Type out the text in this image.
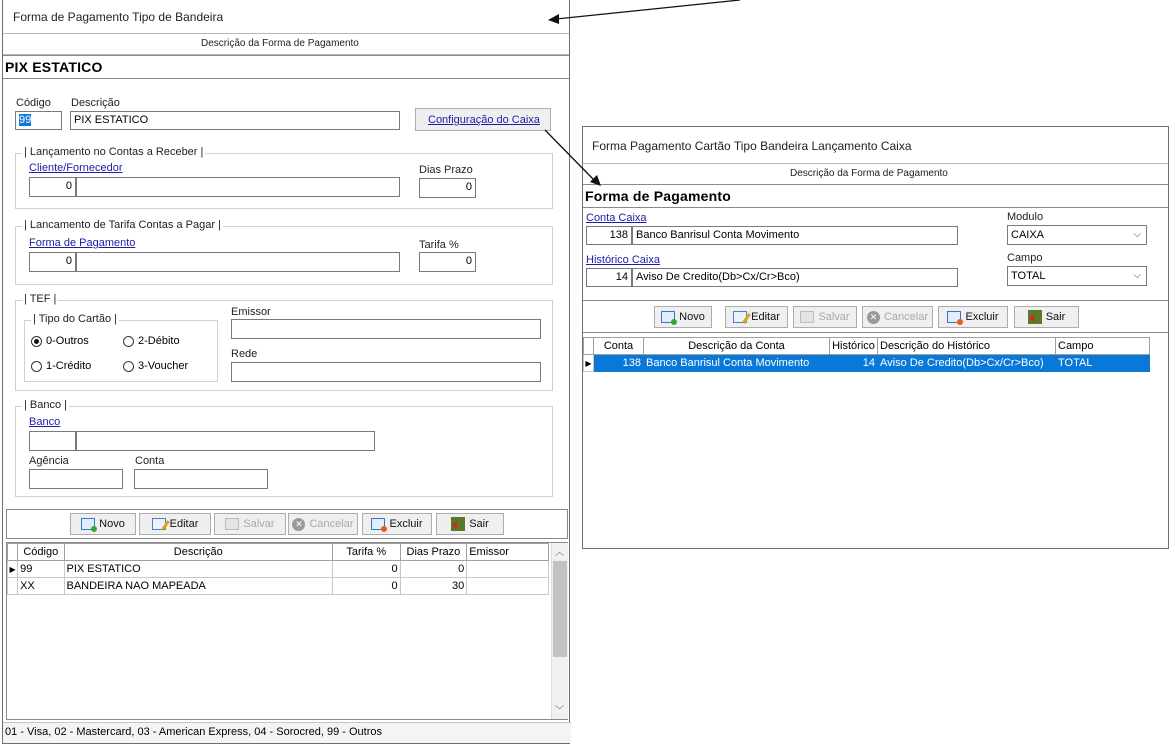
Forma de Pagamento Tipo de Bandeira
Descrição da Forma de Pagamento
PIX ESTATICO
Código
99
Descrição
PIX ESTATICO	Configuração do Caixa
| Lançamento no Contas a Receber |
Cliente/Fornecedor
0
Dias Prazo
0
| Lancamento de Tarifa Contas a Pagar |
Forma de Pagamento
0
Tarifa %
0
| TEF |
| Tipo do Cartão |
0-Outros	2-Débito
1-Crédito	3-Voucher
Emissor
Rede
| Banco |
Banco
Agência	Conta
Novo	Editar	Salvar	✕ Cancelar	Excluir	Sair
	Código	Descrição	Tarifa %	Dias Prazo	Emissor
▶	99	PIX ESTATICO	0	0	
	XX	BANDEIRA NAO MAPEADA	0	30	
︿
﹀
01 - Visa, 02 - Mastercard, 03 - American Express, 04 - Sorocred, 99 - Outros
Forma Pagamento Cartão Tipo Bandeira Lançamento Caixa
Descrição da Forma de Pagamento
Forma de Pagamento
Conta Caixa
138 Banco Banrisul Conta Movimento
Modulo
CAIXA	⌵
Histórico Caixa
14 Aviso De Credito(Db>Cx/Cr>Bco)
Campo
TOTAL	⌵
Novo	Editar	Salvar	✕ Cancelar	Excluir	Sair
	Conta	Descrição da Conta	Histórico	Descrição do Histórico	Campo
▶	138	Banco Banrisul Conta Movimento	14	Aviso De Credito(Db>Cx/Cr>Bco)	TOTAL
